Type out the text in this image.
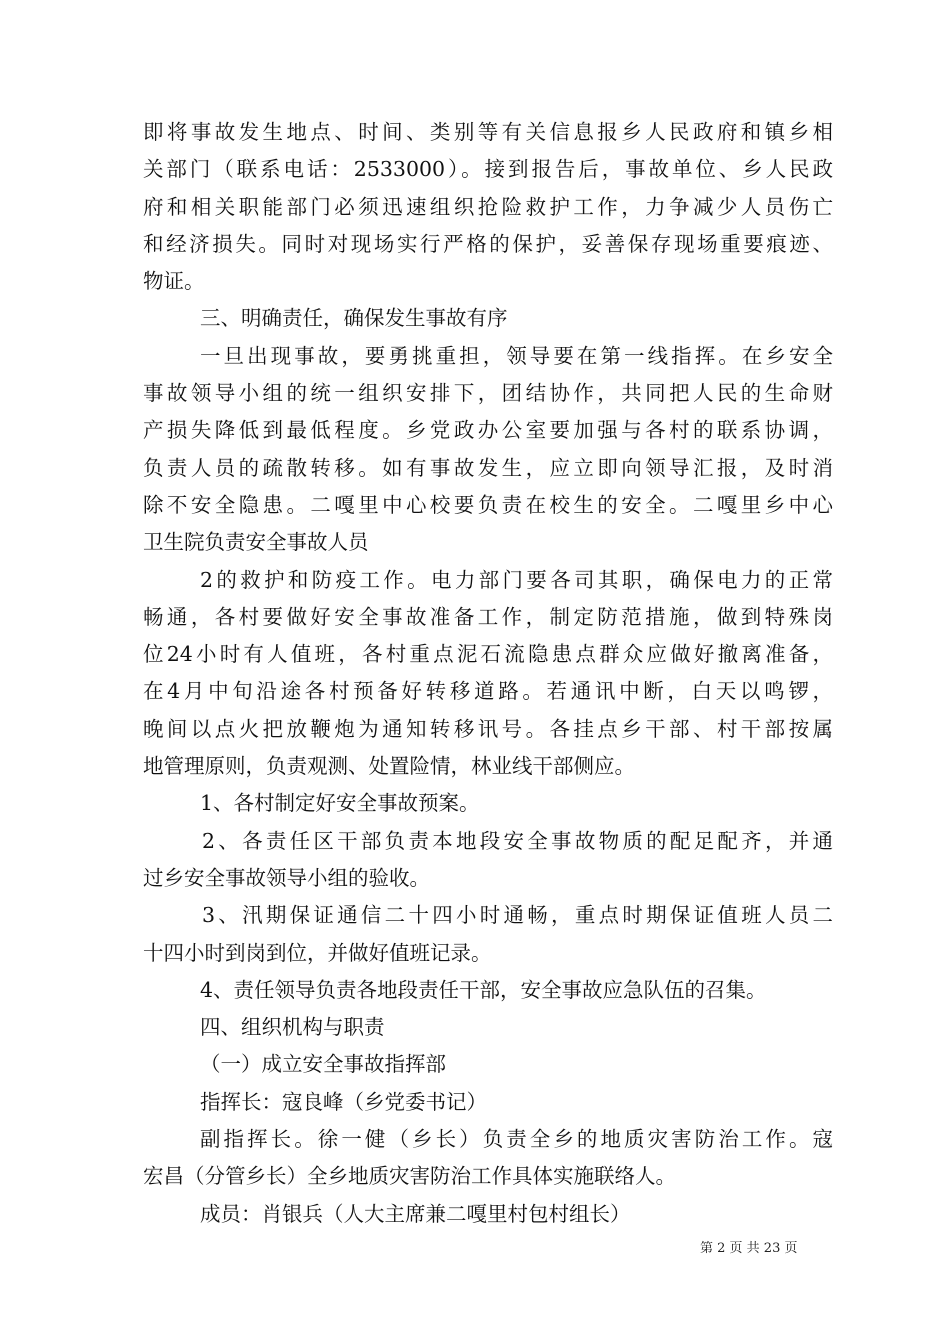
即将事故发生地点、时间、类别等有关信息报乡人民政府和镇乡相
关部门（联系电话：2533000）。接到报告后，事故单位、乡人民政
府和相关职能部门必须迅速组织抢险救护工作，力争减少人员伤亡
和经济损失。同时对现场实行严格的保护，妥善保存现场重要痕迹、
物证。
三、明确责任，确保发生事故有序
一旦出现事故，要勇挑重担，领导要在第一线指挥。在乡安全
事故领导小组的统一组织安排下，团结协作，共同把人民的生命财
产损失降低到最低程度。乡党政办公室要加强与各村的联系协调，
负责人员的疏散转移。如有事故发生，应立即向领导汇报，及时消
除不安全隐患。二嘎里中心校要负责在校生的安全。二嘎里乡中心
卫生院负责安全事故人员
2的救护和防疫工作。电力部门要各司其职，确保电力的正常
畅通，各村要做好安全事故准备工作，制定防范措施，做到特殊岗
位24小时有人值班，各村重点泥石流隐患点群众应做好撤离准备，
在4月中旬沿途各村预备好转移道路。若通讯中断，白天以鸣锣，
晚间以点火把放鞭炮为通知转移讯号。各挂点乡干部、村干部按属
地管理原则，负责观测、处置险情，林业线干部侧应。
1、各村制定好安全事故预案。
2、各责任区干部负责本地段安全事故物质的配足配齐，并通
过乡安全事故领导小组的验收。
3、汛期保证通信二十四小时通畅，重点时期保证值班人员二
十四小时到岗到位，并做好值班记录。
4、责任领导负责各地段责任干部，安全事故应急队伍的召集。
四、组织机构与职责
（一）成立安全事故指挥部
指挥长：寇良峰（乡党委书记）
副指挥长。徐一健（乡长）负责全乡的地质灾害防治工作。寇
宏昌（分管乡长）全乡地质灾害防治工作具体实施联络人。
成员：肖银兵（人大主席兼二嘎里村包村组长）
第 2 页 共 23 页
